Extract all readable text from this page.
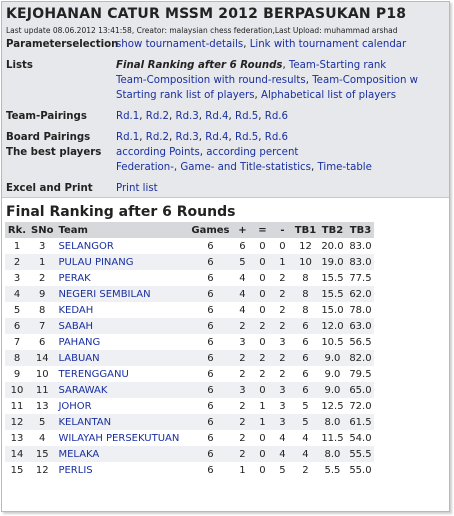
KEJOHANAN CATUR MSSM 2012 BERPASUKAN P18
Last update 08.06.2012 13:41:58, Creator: malaysian chess federation,Last Upload: muhammad arshad
Parameterselection
show tournament-details, Link with tournament calendar
Lists	Final Ranking after 6 Rounds, Team-Starting rank
Team-Composition with round-results, Team-Composition w
Starting rank list of players, Alphabetical list of players
Team-Pairings	Rd.1, Rd.2, Rd.3, Rd.4, Rd.5, Rd.6
Board Pairings	Rd.1, Rd.2, Rd.3, Rd.4, Rd.5, Rd.6
The best players	according Points, according percent
Federation-, Game- and Title-statistics, Time-table
Excel and Print	Print list
Final Ranking after 6 Rounds
Rk.	SNo	Team	Games	+	=	-	TB1	TB2	TB3
1	3	SELANGOR	6	6	0	0	12	20.0	83.0
2	1	PULAU PINANG	6	5	0	1	10	19.0	83.0
3	2	PERAK	6	4	0	2	8	15.5	77.5
4	9	NEGERI SEMBILAN	6	4	0	2	8	15.5	62.0
5	8	KEDAH	6	4	0	2	8	15.0	78.0
6	7	SABAH	6	2	2	2	6	12.0	63.0
7	6	PAHANG	6	3	0	3	6	10.5	56.5
8	14	LABUAN	6	2	2	2	6	9.0	82.0
9	10	TERENGGANU	6	2	2	2	6	9.0	79.5
10	11	SARAWAK	6	3	0	3	6	9.0	65.0
11	13	JOHOR	6	2	1	3	5	12.5	72.0
12	5	KELANTAN	6	2	1	3	5	8.0	61.5
13	4	WILAYAH PERSEKUTUAN	6	2	0	4	4	11.5	54.0
14	15	MELAKA	6	2	0	4	4	8.0	55.5
15	12	PERLIS	6	1	0	5	2	5.5	55.0
